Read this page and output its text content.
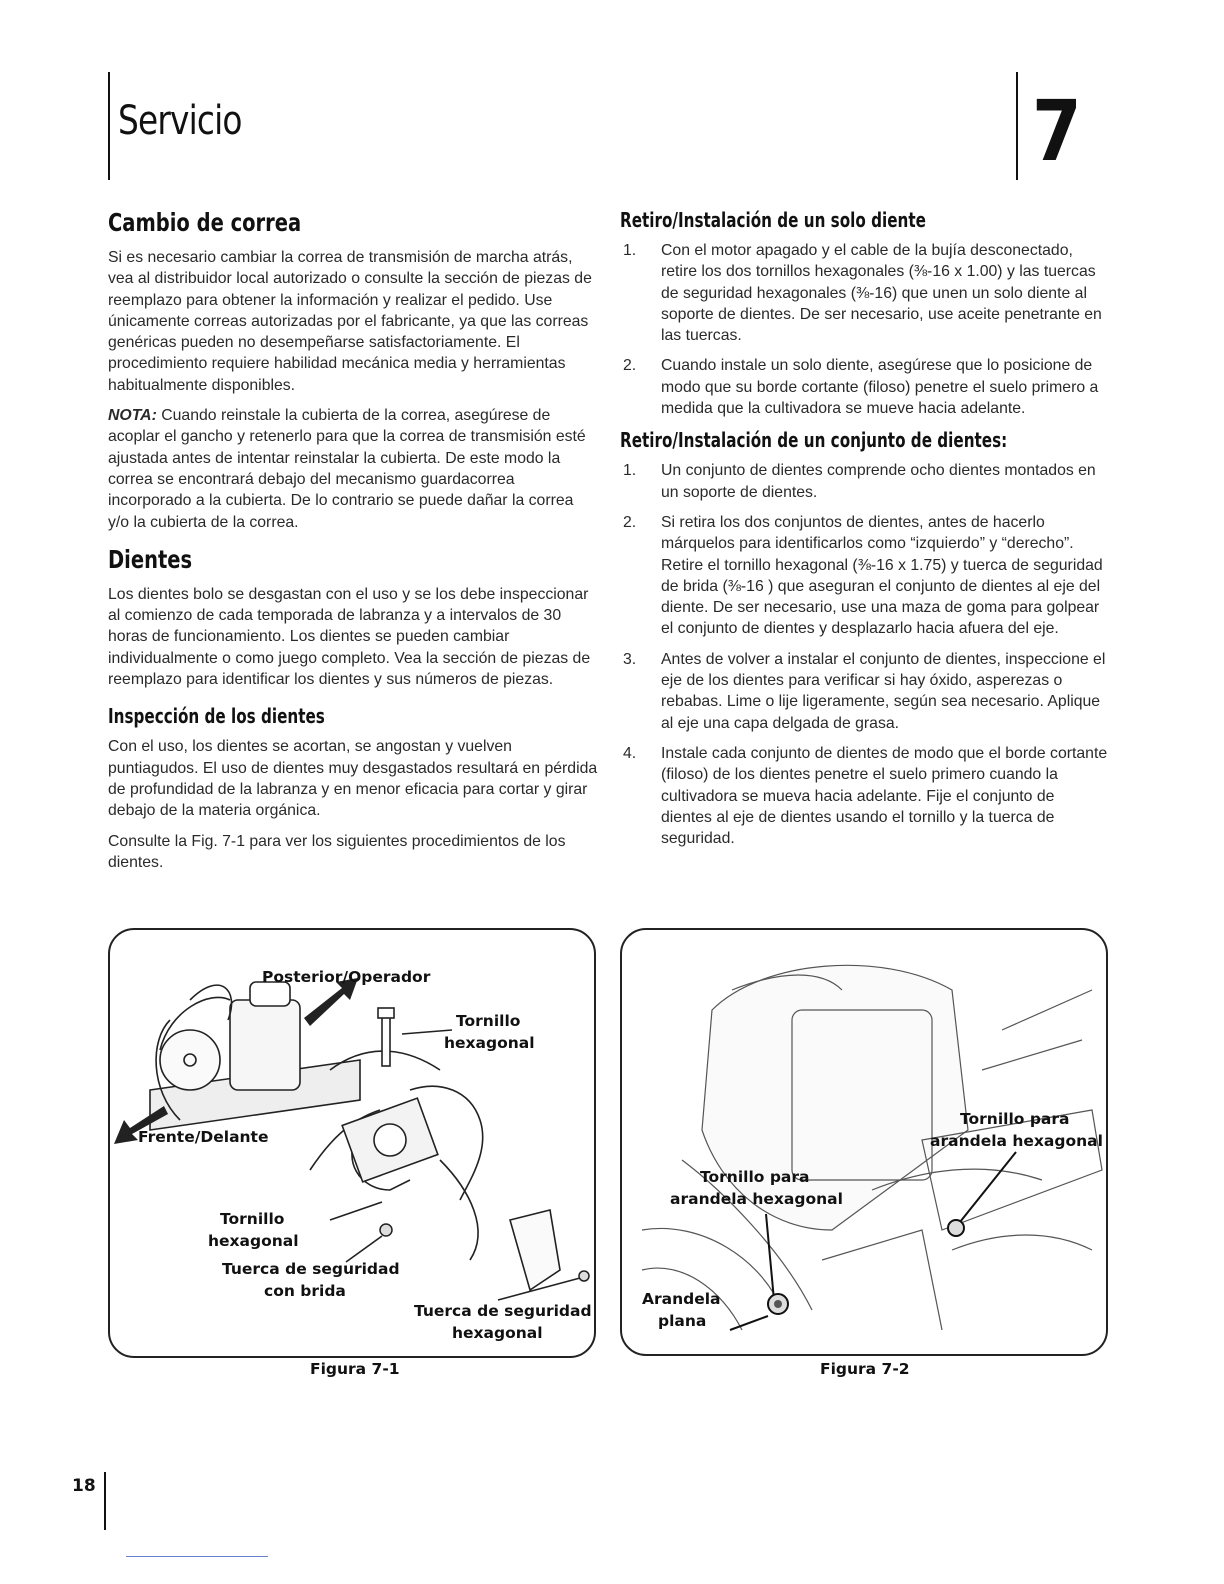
Servicio	7
Cambio de correa

Si es necesario cambiar la correa de transmisión de marcha atrás, vea al distribuidor local autorizado o consulte la sección de piezas de reemplazo para obtener la información y realizar el pedido. Use únicamente correas autorizadas por el fabricante, ya que las correas genéricas pueden no desempeñarse satisfactoriamente. El procedimiento requiere habilidad mecánica media y herramientas habitualmente disponibles.

NOTA: Cuando reinstale la cubierta de la correa, asegúrese de acoplar el gancho y retenerlo para que la correa de transmisión esté ajustada antes de intentar reinstalar la cubierta. De este modo la correa se encontrará debajo del mecanismo guardacorrea incorporado a la cubierta. De lo contrario se puede dañar la correa y/o la cubierta de la correa.

Dientes

Los dientes bolo se desgastan con el uso y se los debe inspeccionar al comienzo de cada temporada de labranza y a intervalos de 30 horas de funcionamiento. Los dientes se pueden cambiar individualmente o como juego completo. Vea la sección de piezas de reemplazo para identificar los dientes y sus números de piezas.

Inspección de los dientes

Con el uso, los dientes se acortan, se angostan y vuelven puntiagudos. El uso de dientes muy desgastados resultará en pérdida de profundidad de la labranza y en menor eficacia para cortar y girar debajo de la materia orgánica.

Consulte la Fig. 7-1 para ver los siguientes procedimientos de los dientes.

Retiro/Instalación de un solo diente
1. Con el motor apagado y el cable de la bujía desconectado, retire los dos tornillos hexagonales (⅜-16 x 1.00) y las tuercas de seguridad hexagonales (⅜-16) que unen un solo diente al soporte de dientes. De ser necesario, use aceite penetrante en las tuercas.
2. Cuando instale un solo diente, asegúrese que lo posicione de modo que su borde cortante (filoso) penetre el suelo primero a medida que la cultivadora se mueve hacia adelante.
Retiro/Instalación de un conjunto de dientes:
1. Un conjunto de dientes comprende ocho dientes montados en un soporte de dientes.
2. Si retira los dos conjuntos de dientes, antes de hacerlo márquelos para identificarlos como “izquierdo” y “derecho”. Retire el tornillo hexagonal (⅜-16 x 1.75) y tuerca de seguridad de brida (⅜-16 ) que aseguran el conjunto de dientes al eje del diente. De ser necesario, use una maza de goma para golpear el conjunto de dientes y desplazarlo hacia afuera del eje.
3. Antes de volver a instalar el conjunto de dientes, inspeccione el eje de los dientes para verificar si hay óxido, asperezas o rebabas. Lime o lije ligeramente, según sea necesario. Aplique al eje una capa delgada de grasa.
4. Instale cada conjunto de dientes de modo que el borde cortante (filoso) de los dientes penetre el suelo primero cuando la cultivadora se mueva hacia adelante. Fije el conjunto de dientes al eje de dientes usando el tornillo y la tuerca de seguridad.
Posterior/Operador
Tornillo
hexagonal
Frente/Delante
Tornillo
hexagonal
Tuerca de seguridad
con brida
Tuerca de seguridad
hexagonal
Figura 7-1
Tornillo para
arandela hexagonal
Tornillo para
arandela hexagonal
Arandela
plana
Figura 7-2
18
